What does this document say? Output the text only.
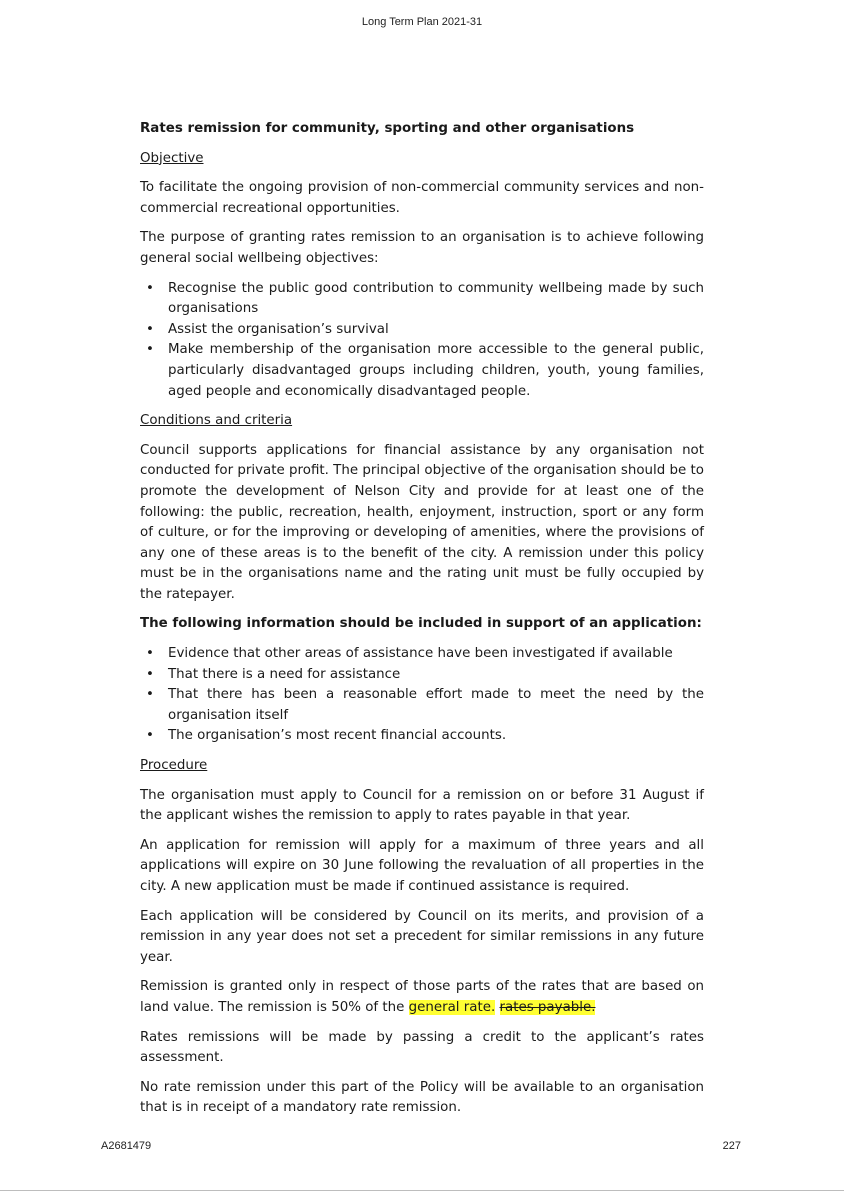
Long Term Plan 2021-31

Rates remission for community, sporting and other organisations

Objective

To facilitate the ongoing provision of non-commercial community services and non-commercial recreational opportunities.

The purpose of granting rates remission to an organisation is to achieve following general social wellbeing objectives:

• Recognise the public good contribution to community wellbeing made by such organisations
• Assist the organisation’s survival
• Make membership of the organisation more accessible to the general public, particularly disadvantaged groups including children, youth, young families, aged people and economically disadvantaged people.

Conditions and criteria

Council supports applications for financial assistance by any organisation not conducted for private profit. The principal objective of the organisation should be to promote the development of Nelson City and provide for at least one of the following: the public, recreation, health, enjoyment, instruction, sport or any form of culture, or for the improving or developing of amenities, where the provisions of any one of these areas is to the benefit of the city. A remission under this policy must be in the organisations name and the rating unit must be fully occupied by the ratepayer.

The following information should be included in support of an application:

• Evidence that other areas of assistance have been investigated if available
• That there is a need for assistance
• That there has been a reasonable effort made to meet the need by the organisation itself
• The organisation’s most recent financial accounts.

Procedure

The organisation must apply to Council for a remission on or before 31 August if the applicant wishes the remission to apply to rates payable in that year.

An application for remission will apply for a maximum of three years and all applications will expire on 30 June following the revaluation of all properties in the city. A new application must be made if continued assistance is required.

Each application will be considered by Council on its merits, and provision of a remission in any year does not set a precedent for similar remissions in any future year.

Remission is granted only in respect of those parts of the rates that are based on land value. The remission is 50% of the general rate. rates payable.

Rates remissions will be made by passing a credit to the applicant’s rates assessment.

No rate remission under this part of the Policy will be available to an organisation that is in receipt of a mandatory rate remission.

A2681479	227
